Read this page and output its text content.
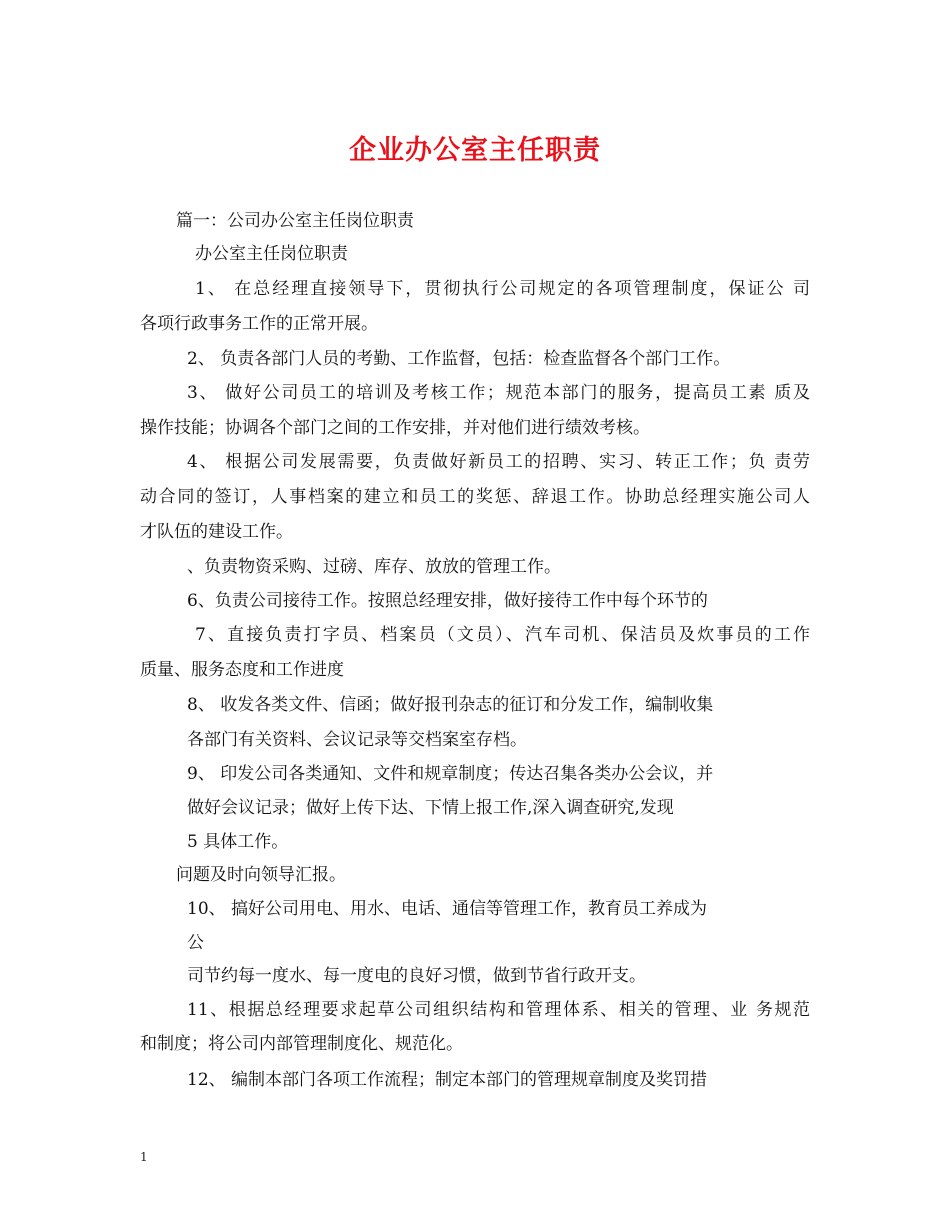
企业办公室主任职责
篇一：公司办公室主任岗位职责
办公室主任岗位职责
1、 在总经理直接领导下，贯彻执行公司规定的各项管理制度，保证公 司
各项行政事务工作的正常开展。
2、 负责各部门人员的考勤、工作监督，包括：检查监督各个部门工作。
3、 做好公司员工的培训及考核工作；规范本部门的服务，提高员工素 质及
操作技能；协调各个部门之间的工作安排，并对他们进行绩效考核。
4、 根据公司发展需要，负责做好新员工的招聘、实习、转正工作；负 责劳
动合同的签订，人事档案的建立和员工的奖惩、辞退工作。协助总经理实施公司人
才队伍的建设工作。
、负责物资采购、过磅、库存、放放的管理工作。
6、负责公司接待工作。按照总经理安排，做好接待工作中每个环节的
7、直接负责打字员、档案员（文员）、汽车司机、保洁员及炊事员的工作
质量、服务态度和工作进度
8、 收发各类文件、信函；做好报刊杂志的征订和分发工作，编制收集
各部门有关资料、会议记录等交档案室存档。
9、 印发公司各类通知、文件和规章制度；传达召集各类办公会议，并
做好会议记录；做好上传下达、下情上报工作,深入调查研究,发现
5 具体工作。
问题及时向领导汇报。
10、 搞好公司用电、用水、电话、通信等管理工作，教育员工养成为
公
司节约每一度水、每一度电的良好习惯，做到节省行政开支。
11、根据总经理要求起草公司组织结构和管理体系、相关的管理、业 务规范
和制度；将公司内部管理制度化、规范化。
12、 编制本部门各项工作流程；制定本部门的管理规章制度及奖罚措
1
